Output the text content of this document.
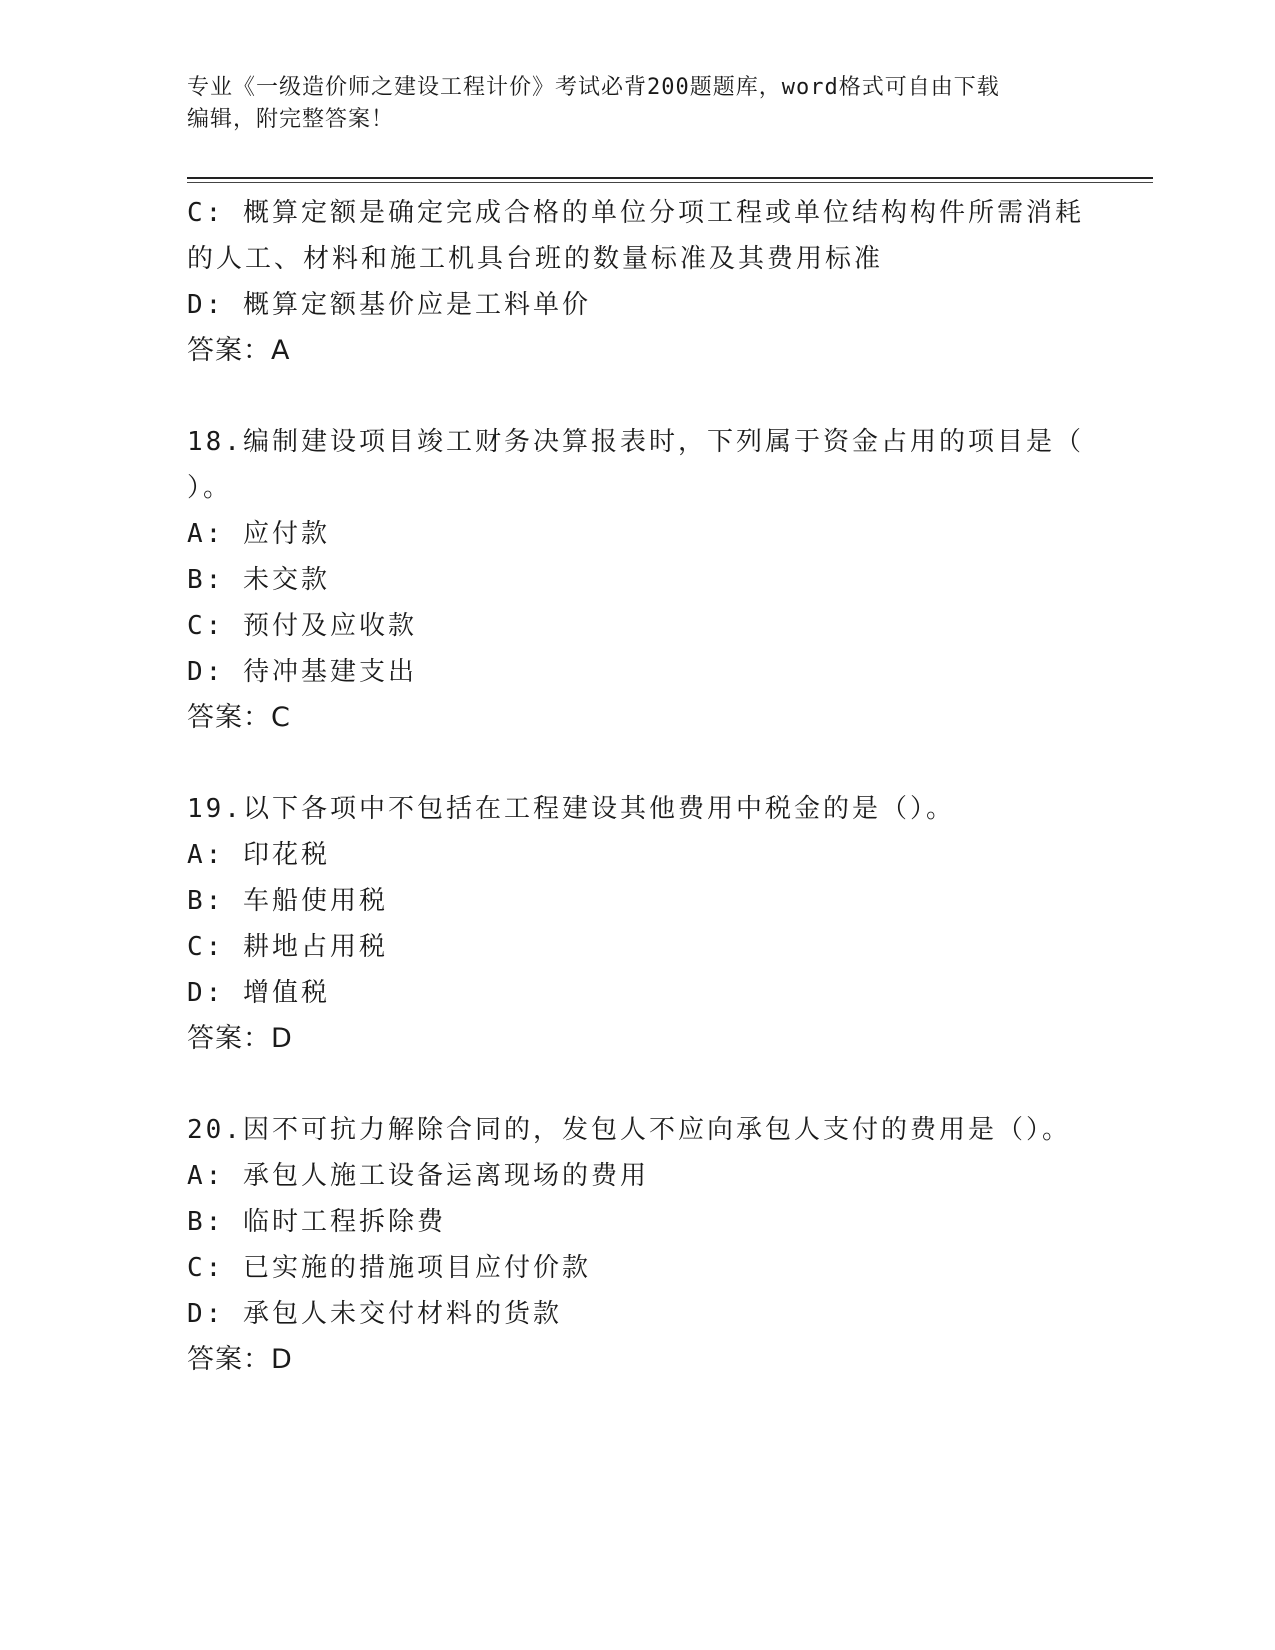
专业《一级造价师之建设工程计价》考试必背200题题库，word格式可自由下载
编辑，附完整答案！
C: 概算定额是确定完成合格的单位分项工程或单位结构构件所需消耗
的人工、材料和施工机具台班的数量标准及其费用标准
D: 概算定额基价应是工料单价
答案：A
18.编制建设项目竣工财务决算报表时，下列属于资金占用的项目是（
）。
A: 应付款
B: 未交款
C: 预付及应收款
D: 待冲基建支出
答案：C
19.以下各项中不包括在工程建设其他费用中税金的是（）。
A: 印花税
B: 车船使用税
C: 耕地占用税
D: 增值税
答案：D
20.因不可抗力解除合同的，发包人不应向承包人支付的费用是（）。
A: 承包人施工设备运离现场的费用
B: 临时工程拆除费
C: 已实施的措施项目应付价款
D: 承包人未交付材料的货款
答案：D
